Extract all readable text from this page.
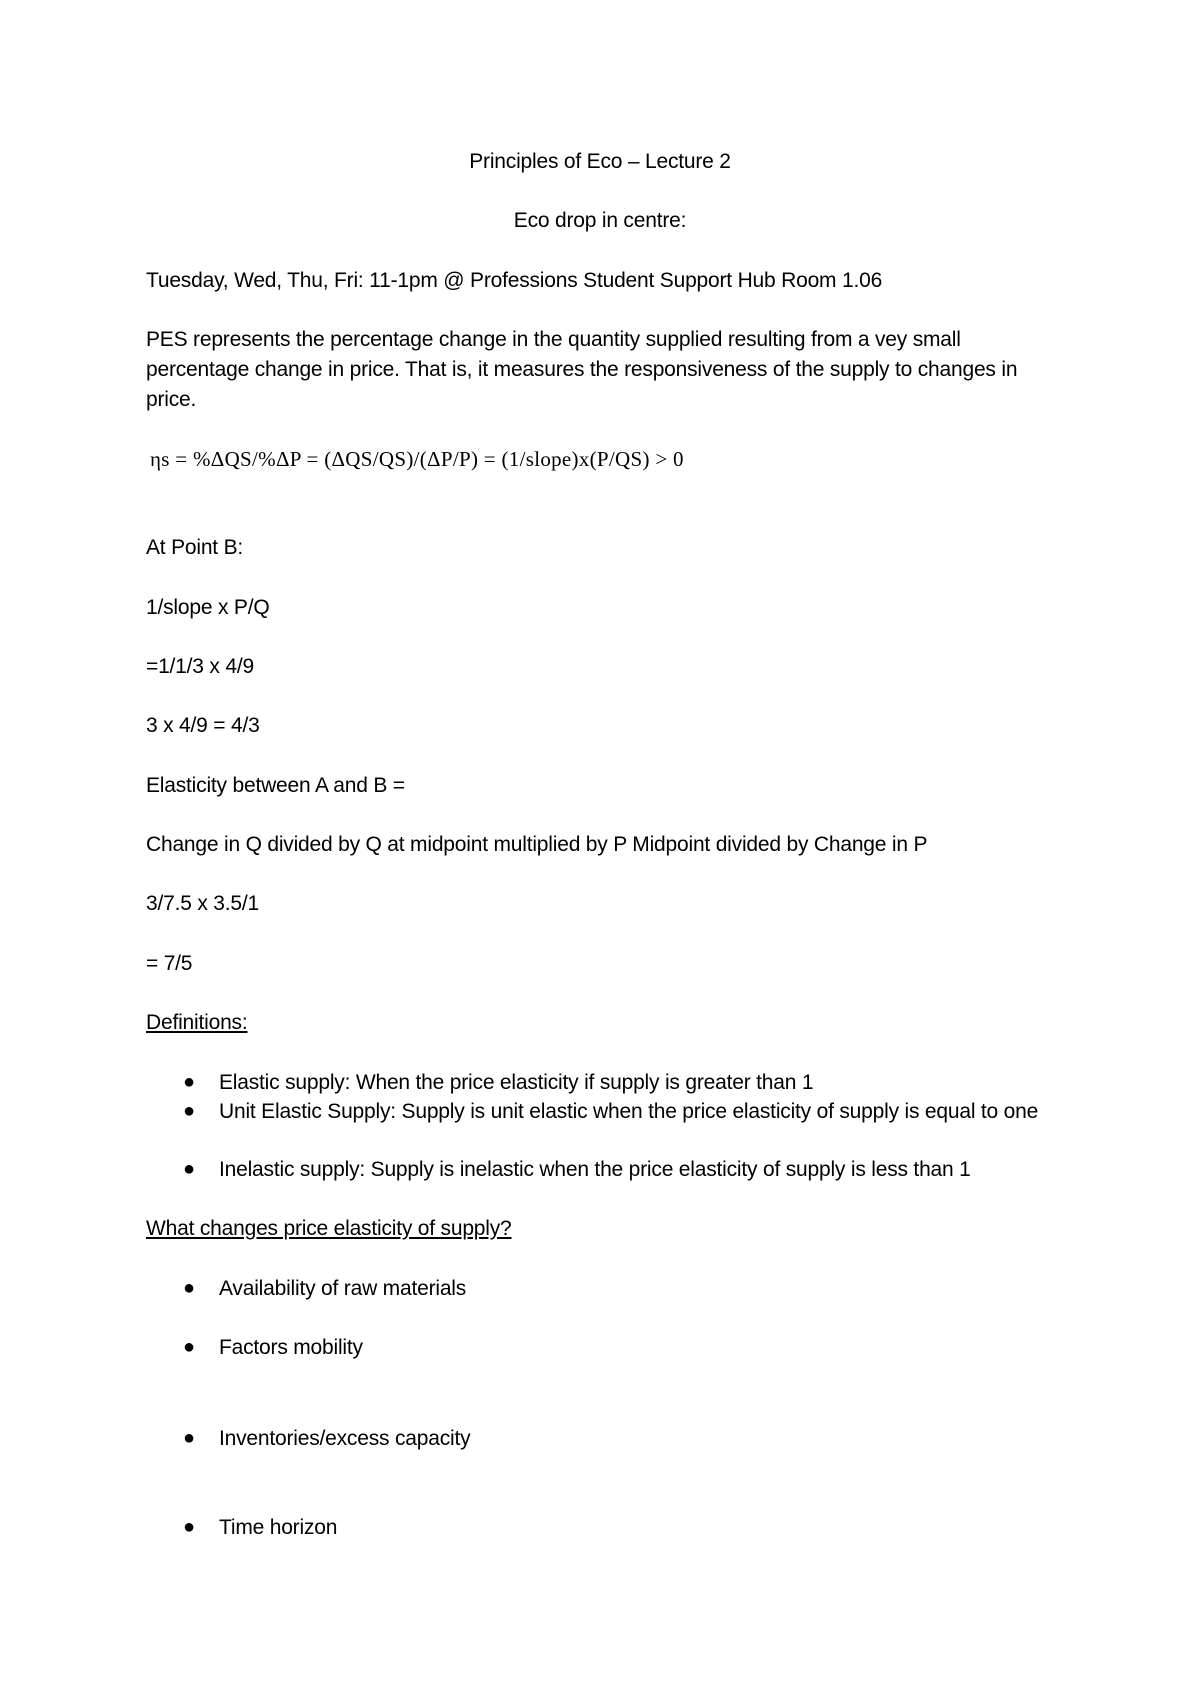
Principles of Eco – Lecture 2
Eco drop in centre:
Tuesday, Wed, Thu, Fri: 11-1pm @ Professions Student Support Hub Room 1.06
PES represents the percentage change in the quantity supplied resulting from a vey small percentage change in price. That is, it measures the responsiveness of the supply to changes in price.
ηs = %ΔQS/%ΔP = (ΔQS/QS)/(ΔP/P) = (1/slope)x(P/QS) > 0
At Point B:
1/slope x P/Q
=1/1/3 x 4/9
3 x 4/9 = 4/3
Elasticity between A and B =
Change in Q divided by Q at midpoint multiplied by P Midpoint divided by Change in P
3/7.5 x 3.5/1
= 7/5
Definitions:
●	Elastic supply: When the price elasticity if supply is greater than 1
●	Unit Elastic Supply: Supply is unit elastic when the price elasticity of supply is equal to one
●	Inelastic supply: Supply is inelastic when the price elasticity of supply is less than 1
What changes price elasticity of supply?
●	Availability of raw materials
●	Factors mobility
●	Inventories/excess capacity
●	Time horizon
